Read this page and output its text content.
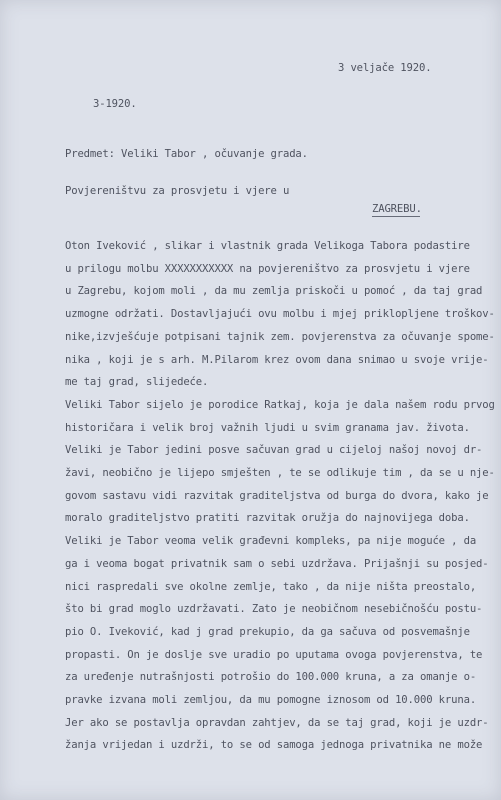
3 veljače 1920.
3-1920.
Predmet: Veliki Tabor , očuvanje grada.
Povjereništvu za prosvjetu i vjere u
ZAGREBU.
Oton Iveković , slikar i vlastnik grada Velikoga Tabora podastire
u prilogu molbu XXXXXXXXXXX na povjereništvo za prosvjetu i vjere
u Zagrebu, kojom moli , da mu zemlja priskoči u pomoć , da taj grad
uzmogne održati. Dostavljajući ovu molbu i mjej priklopljene troškov-
nike,izvješćuje potpisani tajnik zem. povjerenstva za očuvanje spomе-
nika , koji je s arh. M.Pilarom krez ovom dana snimao u svoje vrije-
me taj grad, slijedeće.
Veliki Tabor sijelo je porodice Ratkaj, koja je dala našem rodu prvog
historičara i velik broj važnih ljudi u svim granama jav. života.
Veliki je Tabor jedini posve sačuvan grad u cijeloj našoj novoj dr-
žavi, neobično je lijepo smješten , te se odlikuje tim , da se u nje-
govom sastavu vidi razvitak graditeljstva od burga do dvora, kako je
moralo graditeljstvo pratiti razvitak oružja do najnovijega doba.
Veliki je Tabor veoma velik građevni kompleks, pa nije moguće , da
ga i veoma bogat privatnik sam o sebi uzdržava. Prijašnji su posjed-
nici raspredali sve okolne zemlje, tako , da nije ništa preostalo,
što bi grad moglo uzdržavati. Zato je neobičnom nesebičnošću postu-
pio O. Iveković, kad j grad prekupio, da ga sačuva od posvemašnje
propasti. On je dosljе sve uradio po uputama ovoga povjerenstva, te
za uređenje nutrašnjosti potrošio do 100.000 kruna, a za omanje o-
pravke izvana moli zemljou, da mu pomogne iznosom od 10.000 kruna.
Jer ako se postavlja opravdan zahtjev, da se taj grad, koji je uzdr-
žanja vrijedan i uzdrži, to se od samoga jednoga privatnika ne može
